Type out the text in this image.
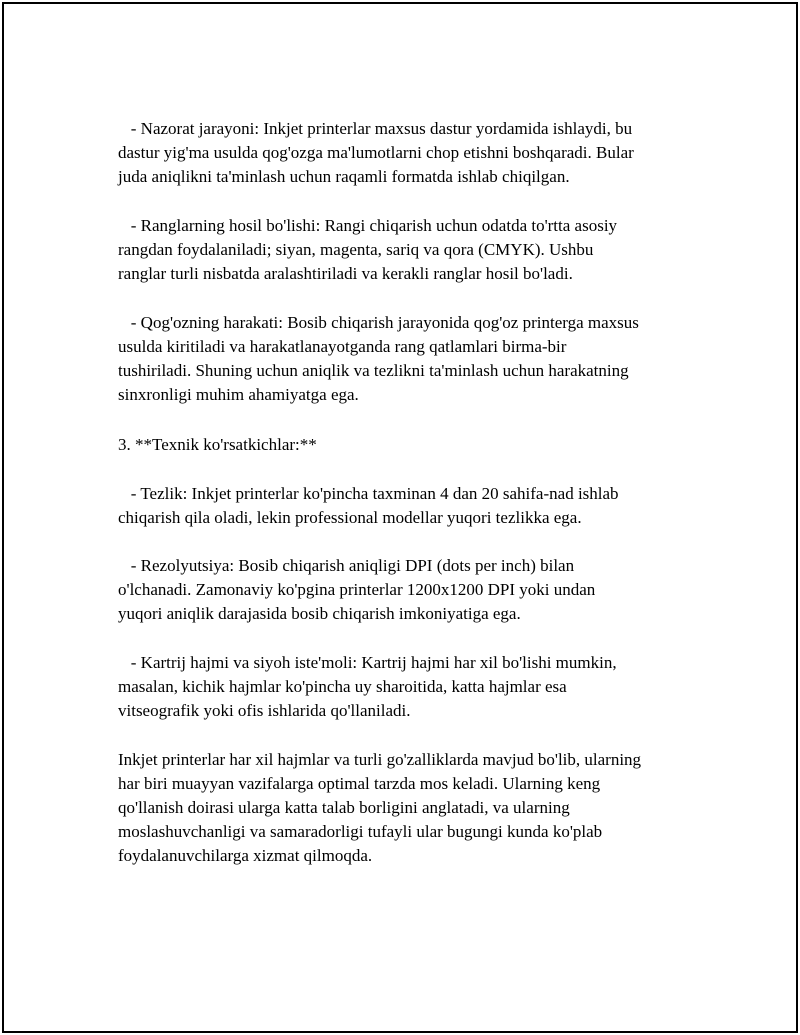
- Nazorat jarayoni: Inkjet printerlar maxsus dastur yordamida ishlaydi, bu
dastur yig'ma usulda qog'ozga ma'lumotlarni chop etishni boshqaradi. Bular
juda aniqlikni ta'minlash uchun raqamli formatda ishlab chiqilgan.

- Ranglarning hosil bo'lishi: Rangi chiqarish uchun odatda to'rtta asosiy
rangdan foydalaniladi; siyan, magenta, sariq va qora (CMYK). Ushbu
ranglar turli nisbatda aralashtiriladi va kerakli ranglar hosil bo'ladi.

- Qog'ozning harakati: Bosib chiqarish jarayonida qog'oz printerga maxsus
usulda kiritiladi va harakatlanayotganda rang qatlamlari birma-bir
tushiriladi. Shuning uchun aniqlik va tezlikni ta'minlash uchun harakatning
sinxronligi muhim ahamiyatga ega.

3. **Texnik ko'rsatkichlar:**

- Tezlik: Inkjet printerlar ko'pincha taxminan 4 dan 20 sahifa-nad ishlab
chiqarish qila oladi, lekin professional modellar yuqori tezlikka ega.

- Rezolyutsiya: Bosib chiqarish aniqligi DPI (dots per inch) bilan
o'lchanadi. Zamonaviy ko'pgina printerlar 1200x1200 DPI yoki undan
yuqori aniqlik darajasida bosib chiqarish imkoniyatiga ega.

- Kartrij hajmi va siyoh iste'moli: Kartrij hajmi har xil bo'lishi mumkin,
masalan, kichik hajmlar ko'pincha uy sharoitida, katta hajmlar esa
vitseografik yoki ofis ishlarida qo'llaniladi.

Inkjet printerlar har xil hajmlar va turli go'zalliklarda mavjud bo'lib, ularning
har biri muayyan vazifalarga optimal tarzda mos keladi. Ularning keng
qo'llanish doirasi ularga katta talab borligini anglatadi, va ularning
moslashuvchanligi va samaradorligi tufayli ular bugungi kunda ko'plab
foydalanuvchilarga xizmat qilmoqda.
